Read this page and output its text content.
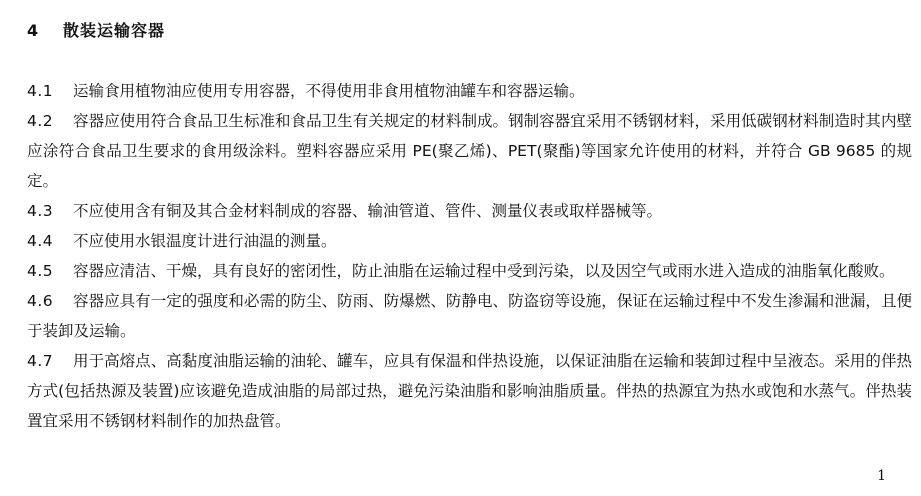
4 散装运输容器

4.1 运输食用植物油应使用专用容器，不得使用非食用植物油罐车和容器运输。

4.2 容器应使用符合食品卫生标准和食品卫生有关规定的材料制成。钢制容器宜采用不锈钢材料，采用低碳钢材料制造时其内壁应涂符合食品卫生要求的食用级涂料。塑料容器应采用 PE(聚乙烯)、PET(聚酯)等国家允许使用的材料，并符合 GB 9685 的规定。

4.3 不应使用含有铜及其合金材料制成的容器、输油管道、管件、测量仪表或取样器械等。

4.4 不应使用水银温度计进行油温的测量。

4.5 容器应清洁、干燥，具有良好的密闭性，防止油脂在运输过程中受到污染，以及因空气或雨水进入造成的油脂氧化酸败。

4.6 容器应具有一定的强度和必需的防尘、防雨、防爆燃、防静电、防盗窃等设施，保证在运输过程中不发生渗漏和泄漏，且便于装卸及运输。

4.7 用于高熔点、高黏度油脂运输的油轮、罐车，应具有保温和伴热设施，以保证油脂在运输和装卸过程中呈液态。采用的伴热方式(包括热源及装置)应该避免造成油脂的局部过热，避免污染油脂和影响油脂质量。伴热的热源宜为热水或饱和水蒸气。伴热装置宜采用不锈钢材料制作的加热盘管。

1
